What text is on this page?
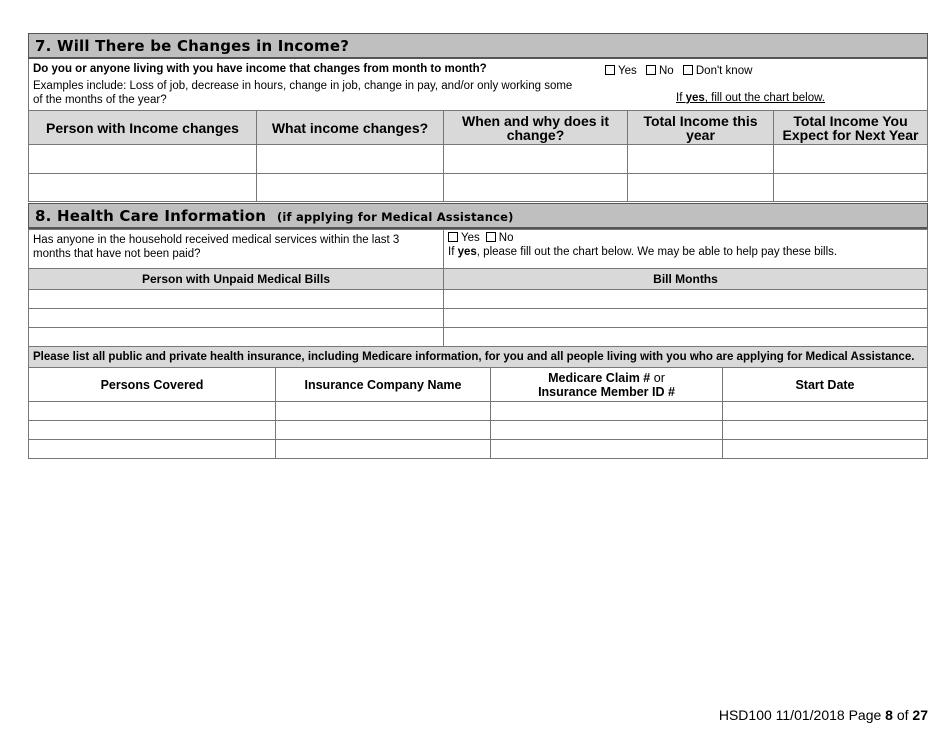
7. Will There be Changes in Income?
Do you or anyone living with you have income that changes from month to month?
Examples include: Loss of job, decrease in hours, change in job, change in pay, and/or only working some of the months of the year?
Yes No Don't know
If yes, fill out the chart below.
Person with Income changes	What income changes?	When and why does it change?	Total Income this year	Total Income You Expect for Next Year

8. Health Care Information (if applying for Medical Assistance)
Has anyone in the household received medical services within the last 3 months that have not been paid?	Yes No
If yes, please fill out the chart below. We may be able to help pay these bills.

Person with Unpaid Medical Bills	Bill Months

Please list all public and private health insurance, including Medicare information, for you and all people living with you who are applying for Medical Assistance.	
Persons Covered	Insurance Company Name	Medicare Claim # or
Insurance Member ID #	Start Date

HSD100 11/01/2018 Page 8 of 27
